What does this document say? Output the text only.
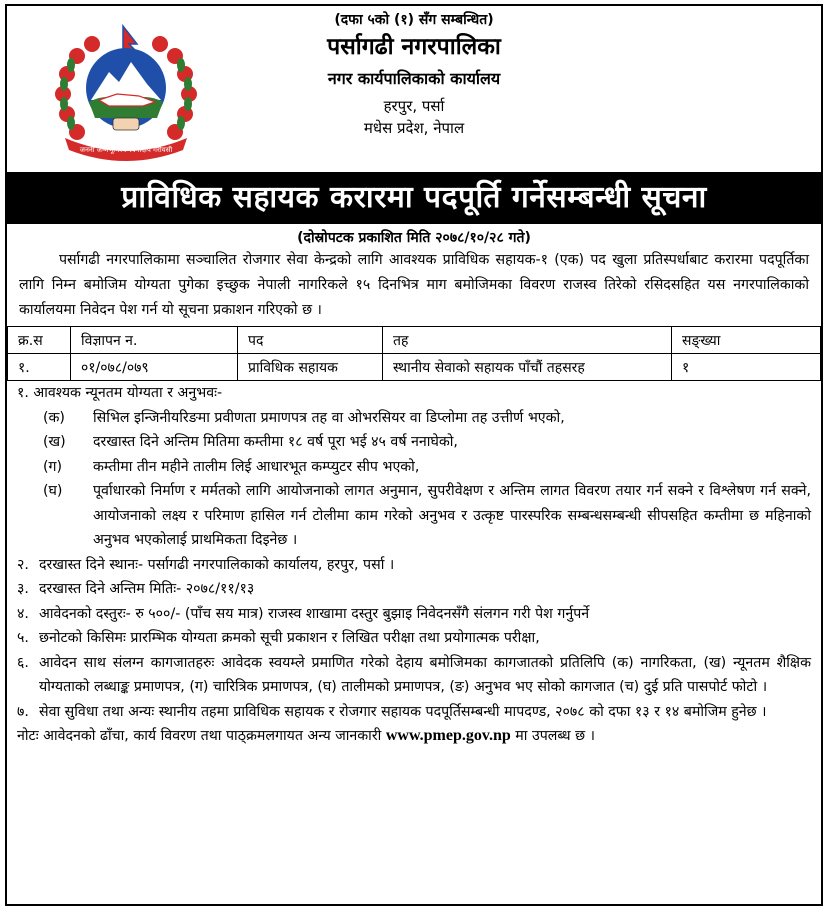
जननी जन्मभूमिश्च स्वर्गादपि गरीयसी
(दफा ५को (१) सँग सम्बन्धित)
पर्सागढी नगरपालिका
नगर कार्यपालिकाको कार्यालय
हरपुर, पर्सा
मधेस प्रदेश, नेपाल
प्राविधिक सहायक करारमा पदपूर्ति गर्नेसम्बन्धी सूचना
(दोस्रोपटक प्रकाशित मिति २०७८/१०/२८ गते)
पर्सागढी नगरपालिकामा सञ्चालित रोजगार सेवा केन्द्रको लागि आवश्यक प्राविधिक सहायक-१ (एक) पद खुला प्रतिस्पर्धाबाट करारमा पदपूर्तिका लागि निम्न बमोजिम योग्यता पुगेका इच्छुक नेपाली नागरिकले १५ दिनभित्र माग बमोजिमका विवरण राजस्व तिरेको रसिदसहित यस नगरपालिकाको कार्यालयमा निवेदन पेश गर्न यो सूचना प्रकाशन गरिएको छ ।
क्र.स	विज्ञापन न.	पद	तह	सङ्ख्या
१.	०१/०७८/०७९	प्राविधिक सहायक	स्थानीय सेवाको सहायक पाँचौं तहसरह	१
१. आवश्यक न्यूनतम योग्यता र अनुभवः-
(क)	सिभिल इन्जिनीयरिङमा प्रवीणता प्रमाणपत्र तह वा ओभरसियर वा डिप्लोमा तह उत्तीर्ण भएको,
(ख)	दरखास्त दिने अन्तिम मितिमा कम्तीमा १८ वर्ष पूरा भई ४५ वर्ष ननाघेको,
(ग)	कम्तीमा तीन महीने तालीम लिई आधारभूत कम्प्युटर सीप भएको,
(घ)	पूर्वाधारको निर्माण र मर्मतको लागि आयोजनाको लागत अनुमान, सुपरीवेक्षण र अन्तिम लागत विवरण तयार गर्न सक्ने र विश्लेषण गर्न सक्ने, आयोजनाको लक्ष्य र परिमाण हासिल गर्न टोलीमा काम गरेको अनुभव र उत्कृष्ट पारस्परिक सम्बन्धसम्बन्धी सीपसहित कम्तीमा छ महिनाको अनुभव भएकोलाई प्राथमिकता दिइनेछ ।
२. दरखास्त दिने स्थानः- पर्सागढी नगरपालिकाको कार्यालय, हरपुर, पर्सा ।
३. दरखास्त दिने अन्तिम मितिः- २०७८/११/१३
४. आवेदनको दस्तुरः- रु ५००/- (पाँच सय मात्र) राजस्व शाखामा दस्तुर बुझाइ निवेदनसँगै संलगन गरी पेश गर्नुपर्ने
५. छनोटको किसिमः प्रारम्भिक योग्यता क्रमको सूची प्रकाशन र लिखित परीक्षा तथा प्रयोगात्मक परीक्षा,
६. आवेदन साथ संलग्न कागजातहरुः आवेदक स्वयम्ले प्रमाणित गरेको देहाय बमोजिमका कागजातको प्रतिलिपि (क) नागरिकता, (ख) न्यूनतम शैक्षिक योग्यताको लब्धाङ्क प्रमाणपत्र, (ग) चारित्रिक प्रमाणपत्र, (घ) तालीमको प्रमाणपत्र, (ङ) अनुभव भए सोको कागजात (च) दुई प्रति पासपोर्ट फोटो ।
७. सेवा सुविधा तथा अन्यः स्थानीय तहमा प्राविधिक सहायक र रोजगार सहायक पदपूर्तिसम्बन्धी मापदण्ड, २०७८ को दफा १३ र १४ बमोजिम हुनेछ ।
नोटः आवेदनको ढाँचा, कार्य विवरण तथा पाठ्क्रमलगायत अन्य जानकारी www.pmep.gov.np मा उपलब्ध छ ।
